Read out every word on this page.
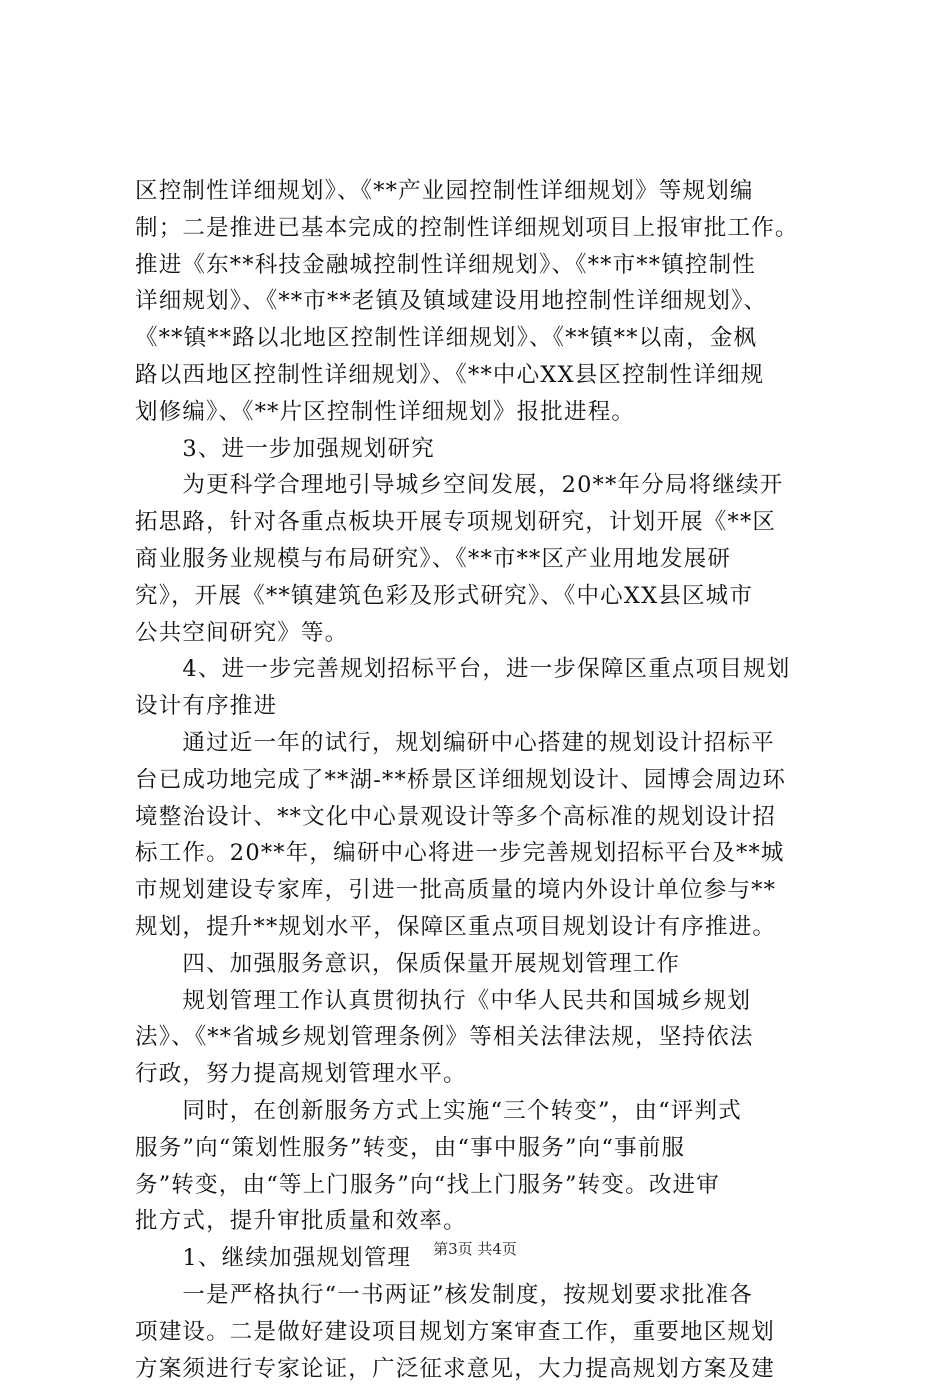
区控制性详细规划》、《**产业园控制性详细规划》等规划编
制；二是推进已基本完成的控制性详细规划项目上报审批工作。
推进《东**科技金融城控制性详细规划》、《**市**镇控制性
详细规划》、《**市**老镇及镇域建设用地控制性详细规划》、
《**镇**路以北地区控制性详细规划》、《**镇**以南，金枫
路以西地区控制性详细规划》、《**中心XX县区控制性详细规
划修编》、《**片区控制性详细规划》报批进程。
　　3、进一步加强规划研究
　　为更科学合理地引导城乡空间发展，20**年分局将继续开
拓思路，针对各重点板块开展专项规划研究，计划开展《**区
商业服务业规模与布局研究》、《**市**区产业用地发展研
究》，开展《**镇建筑色彩及形式研究》、《中心XX县区城市
公共空间研究》等。
　　4、进一步完善规划招标平台，进一步保障区重点项目规划
设计有序推进
　　通过近一年的试行，规划编研中心搭建的规划设计招标平
台已成功地完成了**湖-**桥景区详细规划设计、园博会周边环
境整治设计、**文化中心景观设计等多个高标准的规划设计招
标工作。20**年，编研中心将进一步完善规划招标平台及**城
市规划建设专家库，引进一批高质量的境内外设计单位参与**
规划，提升**规划水平，保障区重点项目规划设计有序推进。
　　四、加强服务意识，保质保量开展规划管理工作
　　规划管理工作认真贯彻执行《中华人民共和国城乡规划
法》、《**省城乡规划管理条例》等相关法律法规，坚持依法
行政，努力提高规划管理水平。
　　同时，在创新服务方式上实施“三个转变”，由“评判式
服务”向“策划性服务”转变，由“事中服务”向“事前服
务”转变，由“等上门服务”向“找上门服务”转变。改进审
批方式，提升审批质量和效率。
　　1、继续加强规划管理
　　一是严格执行“一书两证”核发制度，按规划要求批准各
项建设。二是做好建设项目规划方案审查工作，重要地区规划
方案须进行专家论证，广泛征求意见，大力提高规划方案及建
第3页 共4页
